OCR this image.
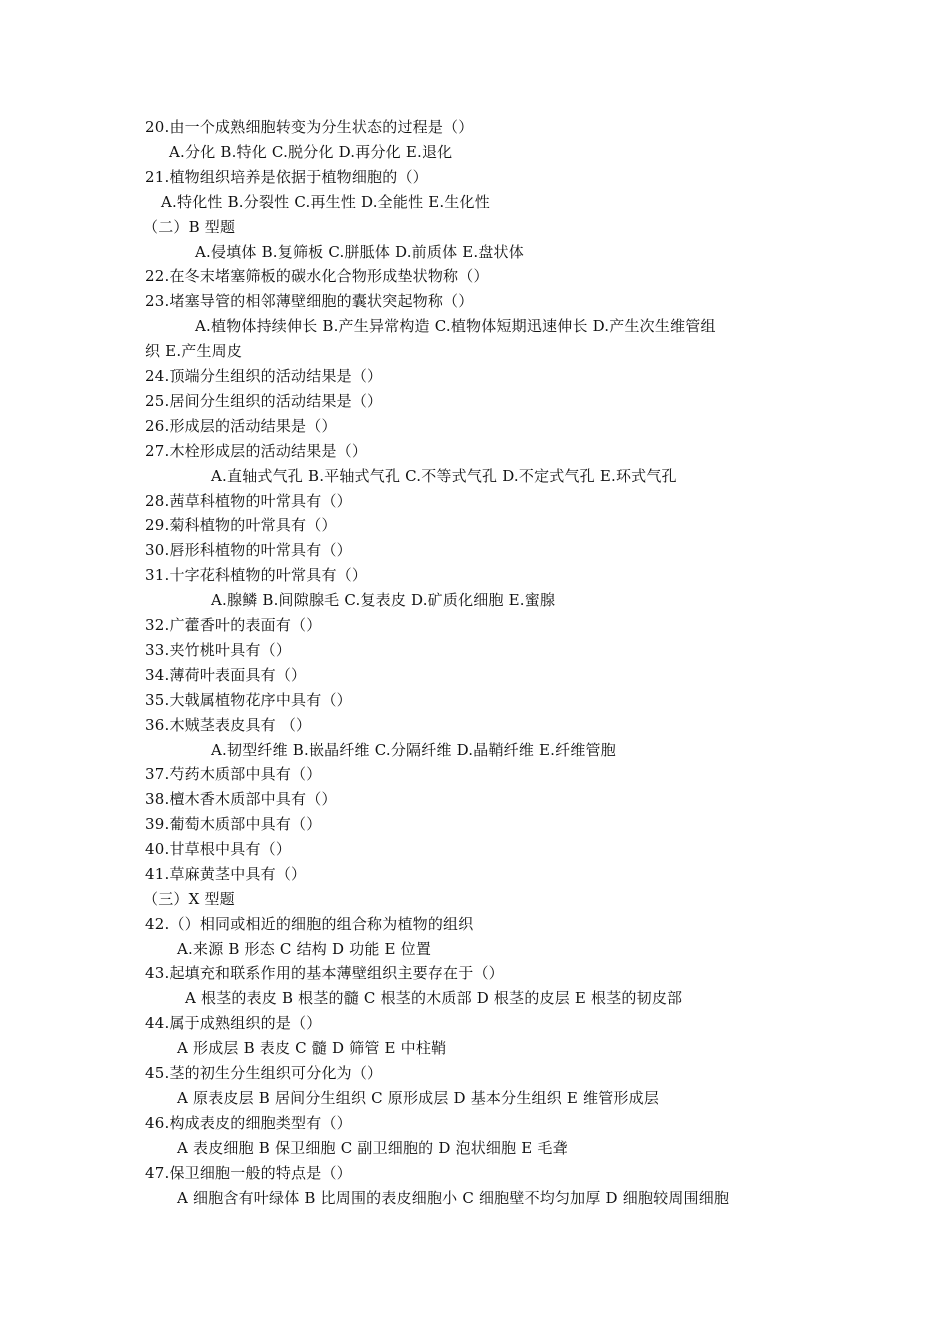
20.由一个成熟细胞转变为分生状态的过程是（）
A.分化 B.特化 C.脱分化 D.再分化 E.退化
21.植物组织培养是依据于植物细胞的（）
A.特化性 B.分裂性 C.再生性 D.全能性 E.生化性
（二）B 型题
A.侵填体 B.复筛板 C.胼胝体 D.前质体 E.盘状体
22.在冬末堵塞筛板的碳水化合物形成垫状物称（）
23.堵塞导管的相邻薄壁细胞的囊状突起物称（）
A.植物体持续伸长 B.产生异常构造 C.植物体短期迅速伸长 D.产生次生维管组
织 E.产生周皮
24.顶端分生组织的活动结果是（）
25.居间分生组织的活动结果是（）
26.形成层的活动结果是（）
27.木栓形成层的活动结果是（）
A.直轴式气孔 B.平轴式气孔 C.不等式气孔 D.不定式气孔 E.环式气孔
28.茜草科植物的叶常具有（）
29.菊科植物的叶常具有（）
30.唇形科植物的叶常具有（）
31.十字花科植物的叶常具有（）
A.腺鳞 B.间隙腺毛 C.复表皮 D.矿质化细胞 E.蜜腺
32.广藿香叶的表面有（）
33.夹竹桃叶具有（）
34.薄荷叶表面具有（）
35.大戟属植物花序中具有（）
36.木贼茎表皮具有 （）
A.韧型纤维 B.嵌晶纤维 C.分隔纤维 D.晶鞘纤维 E.纤维管胞
37.芍药木质部中具有（）
38.檀木香木质部中具有（）
39.葡萄木质部中具有（）
40.甘草根中具有（）
41.草麻黄茎中具有（）
（三）X 型题
42.（）相同或相近的细胞的组合称为植物的组织
A.来源 B 形态 C 结构 D 功能 E 位置
43.起填充和联系作用的基本薄壁组织主要存在于（）
A 根茎的表皮 B 根茎的髓 C 根茎的木质部 D 根茎的皮层 E 根茎的韧皮部
44.属于成熟组织的是（）
A 形成层 B 表皮 C 髓 D 筛管 E 中柱鞘
45.茎的初生分生组织可分化为（）
A 原表皮层 B 居间分生组织 C 原形成层 D 基本分生组织 E 维管形成层
46.构成表皮的细胞类型有（）
A 表皮细胞 B 保卫细胞 C 副卫细胞的 D 泡状细胞 E 毛聋
47.保卫细胞一般的特点是（）
A 细胞含有叶绿体 B 比周围的表皮细胞小 C 细胞壁不均匀加厚 D 细胞较周围细胞
